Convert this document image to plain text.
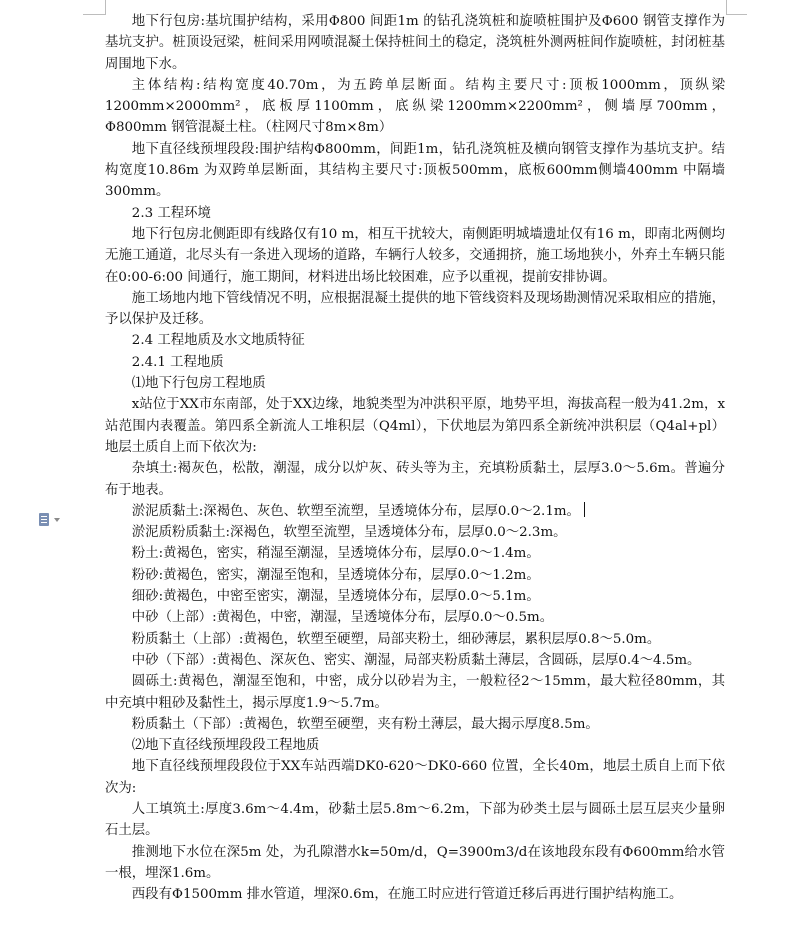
地下行包房:基坑围护结构，采用Φ800 间距1m 的钻孔浇筑桩和旋喷桩围护及Φ600 钢管支撑作为基坑支护。桩顶设冠梁，桩间采用网喷混凝土保持桩间土的稳定，浇筑桩外测两桩间作旋喷桩，封闭桩基周围地下水。

主体结构:结构宽度40.70m，为五跨单层断面。结构主要尺寸:顶板1000mm，顶纵梁1200mm×2000mm²，底板厚1100mm，底纵梁1200mm×2200mm²，侧墙厚700mm， Φ800mm 钢管混凝土柱。（柱网尺寸8m×8m）

地下直径线预埋段段:围护结构Φ800mm，间距1m，钻孔浇筑桩及横向钢管支撑作为基坑支护。结构宽度10.86m 为双跨单层断面，其结构主要尺寸:顶板500mm，底板600mm侧墙400mm 中隔墙300mm。

2.3 工程环境

地下行包房北侧距即有线路仅有10 m，相互干扰较大，南侧距明城墙遗址仅有16 m，即南北两侧均无施工通道，北尽头有一条进入现场的道路，车辆行人较多，交通拥挤，施工场地狭小，外弃土车辆只能在0:00-6:00 间通行，施工期间，材料进出场比较困难，应予以重视，提前安排协调。

施工场地内地下管线情况不明，应根据混凝土提供的地下管线资料及现场勘测情况采取相应的措施，予以保护及迁移。

2.4 工程地质及水文地质特征

2.4.1 工程地质

⑴地下行包房工程地质

x站位于XX市东南部，处于XX边缘，地貌类型为冲洪积平原，地势平坦，海拔高程一般为41.2m，x站范围内表覆盖。第四系全新流人工堆积层（Q4ml），下伏地层为第四系全新统冲洪积层（Q4al+pl）地层土质自上而下依次为:

杂填土:褐灰色，松散，潮湿，成分以炉灰、砖头等为主，充填粉质黏土，层厚3.0～5.6m。普遍分布于地表。

淤泥质黏土:深褐色、灰色、软塑至流塑，呈透境体分布，层厚0.0～2.1m。

淤泥质粉质黏土:深褐色，软塑至流塑，呈透境体分布，层厚0.0～2.3m。

粉土:黄褐色，密实，稍湿至潮湿，呈透境体分布，层厚0.0～1.4m。

粉砂:黄褐色，密实，潮湿至饱和，呈透境体分布，层厚0.0～1.2m。

细砂:黄褐色，中密至密实，潮湿，呈透境体分布，层厚0.0～5.1m。

中砂（上部）:黄褐色，中密，潮湿，呈透境体分布，层厚0.0～0.5m。

粉质黏土（上部）:黄褐色，软塑至硬塑，局部夹粉土，细砂薄层，累积层厚0.8～5.0m。

中砂（下部）:黄褐色、深灰色、密实、潮湿，局部夹粉质黏土薄层，含圆砾，层厚0.4～4.5m。

圆砾土:黄褐色，潮湿至饱和，中密，成分以砂岩为主，一般粒径2～15mm，最大粒径80mm，其中充填中粗砂及黏性土，揭示厚度1.9～5.7m。

粉质黏土（下部）:黄褐色，软塑至硬塑，夹有粉土薄层，最大揭示厚度8.5m。

⑵地下直径线预埋段段工程地质

地下直径线预埋段段位于XX车站西端DK0-620～DK0-660 位置，全长40m，地层土质自上而下依次为:

人工填筑土:厚度3.6m～4.4m，砂黏土层5.8m～6.2m，下部为砂类土层与圆砾土层互层夹少量卵石土层。

推测地下水位在深5m 处，为孔隙潜水k=50m/d，Q=3900m3/d在该地段东段有Φ600mm给水管一根，埋深1.6m。

西段有Φ1500mm 排水管道，埋深0.6m，在施工时应进行管道迁移后再进行围护结构施工。
